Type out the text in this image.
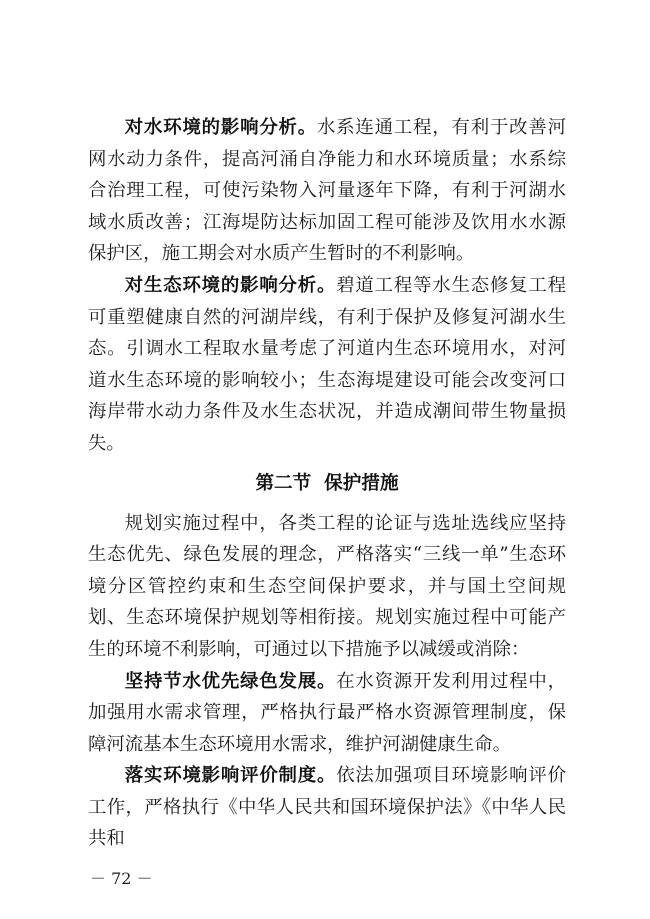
对水环境的影响分析。水系连通工程，有利于改善河网水动力条件，提高河涌自净能力和水环境质量；水系综合治理工程，可使污染物入河量逐年下降，有利于河湖水域水质改善；江海堤防达标加固工程可能涉及饮用水水源保护区，施工期会对水质产生暂时的不利影响。

对生态环境的影响分析。碧道工程等水生态修复工程可重塑健康自然的河湖岸线，有利于保护及修复河湖水生态。引调水工程取水量考虑了河道内生态环境用水，对河道水生态环境的影响较小；生态海堤建设可能会改变河口海岸带水动力条件及水生态状况，并造成潮间带生物量损失。

第二节  保护措施

规划实施过程中，各类工程的论证与选址选线应坚持生态优先、绿色发展的理念，严格落实“三线一单”生态环境分区管控约束和生态空间保护要求，并与国土空间规划、生态环境保护规划等相衔接。规划实施过程中可能产生的环境不利影响，可通过以下措施予以减缓或消除：

坚持节水优先绿色发展。在水资源开发利用过程中，加强用水需求管理，严格执行最严格水资源管理制度，保障河流基本生态环境用水需求，维护河湖健康生命。

落实环境影响评价制度。依法加强项目环境影响评价工作，严格执行《中华人民共和国环境保护法》《中华人民共和

－ 72 －
